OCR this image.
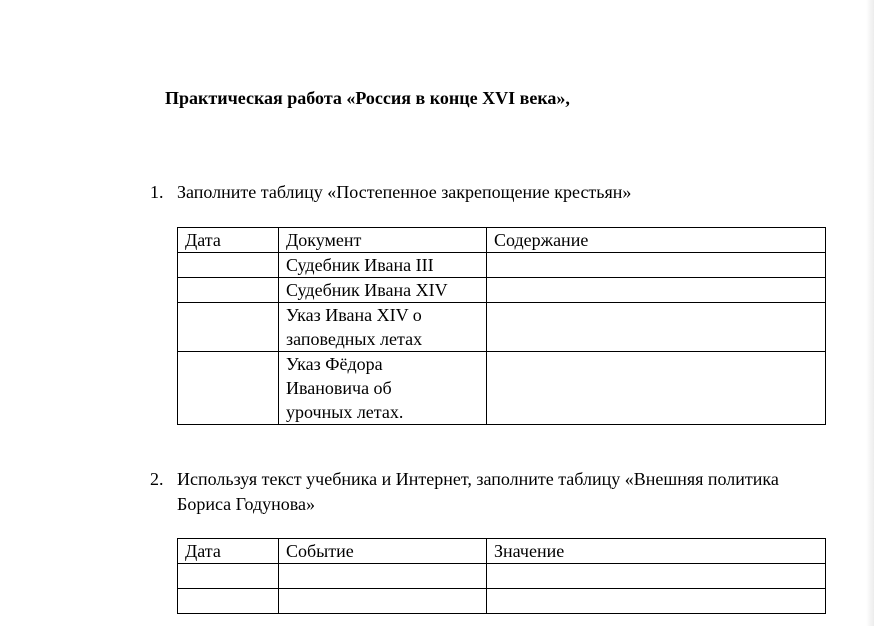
Практическая работа «Россия в конце XVI века»,
1. Заполните таблицу «Постепенное закрепощение крестьян»
Дата	Документ	Содержание
	Судебник Ивана III	
	Судебник Ивана XIV	
	Указ Ивана XIV о заповедных летах	
	Указ Фёдора Ивановича об урочных летах.	
2. Используя текст учебника и Интернет, заполните таблицу «Внешняя политика Бориса Годунова»
Дата	Событие	Значение
